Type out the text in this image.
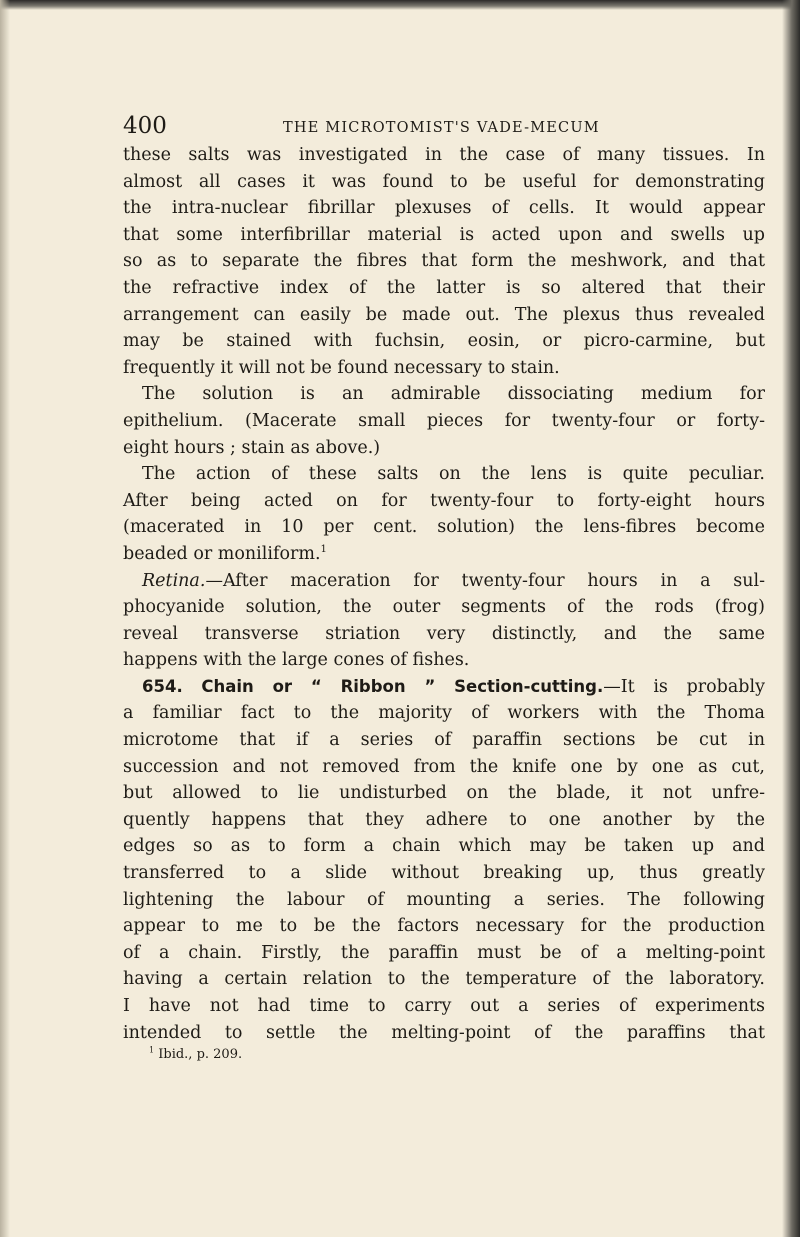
400	THE MICROTOMIST'S VADE-MECUM
these salts was investigated in the case of many tissues. In
almost all cases it was found to be useful for demonstrating
the intra-nuclear fibrillar plexuses of cells. It would appear
that some interfibrillar material is acted upon and swells up
so as to separate the fibres that form the meshwork, and that
the refractive index of the latter is so altered that their
arrangement can easily be made out. The plexus thus revealed
may be stained with fuchsin, eosin, or picro-carmine, but
frequently it will not be found necessary to stain.
The solution is an admirable dissociating medium for
epithelium. (Macerate small pieces for twenty-four or forty-
eight hours ; stain as above.)
The action of these salts on the lens is quite peculiar.
After being acted on for twenty-four to forty-eight hours
(macerated in 10 per cent. solution) the lens-fibres become
beaded or moniliform.$^1$
Retina.—After maceration for twenty-four hours in a sul-
phocyanide solution, the outer segments of the rods (frog)
reveal transverse striation very distinctly, and the same
happens with the large cones of fishes.
654. Chain or “ Ribbon ” Section-cutting.—It is probably
a familiar fact to the majority of workers with the Thoma
microtome that if a series of paraffin sections be cut in
succession and not removed from the knife one by one as cut,
but allowed to lie undisturbed on the blade, it not unfre-
quently happens that they adhere to one another by the
edges so as to form a chain which may be taken up and
transferred to a slide without breaking up, thus greatly
lightening the labour of mounting a series. The following
appear to me to be the factors necessary for the production
of a chain. Firstly, the paraffin must be of a melting-point
having a certain relation to the temperature of the laboratory.
I have not had time to carry out a series of experiments
intended to settle the melting-point of the paraffins that
$^1$ Ibid., p. 209.
